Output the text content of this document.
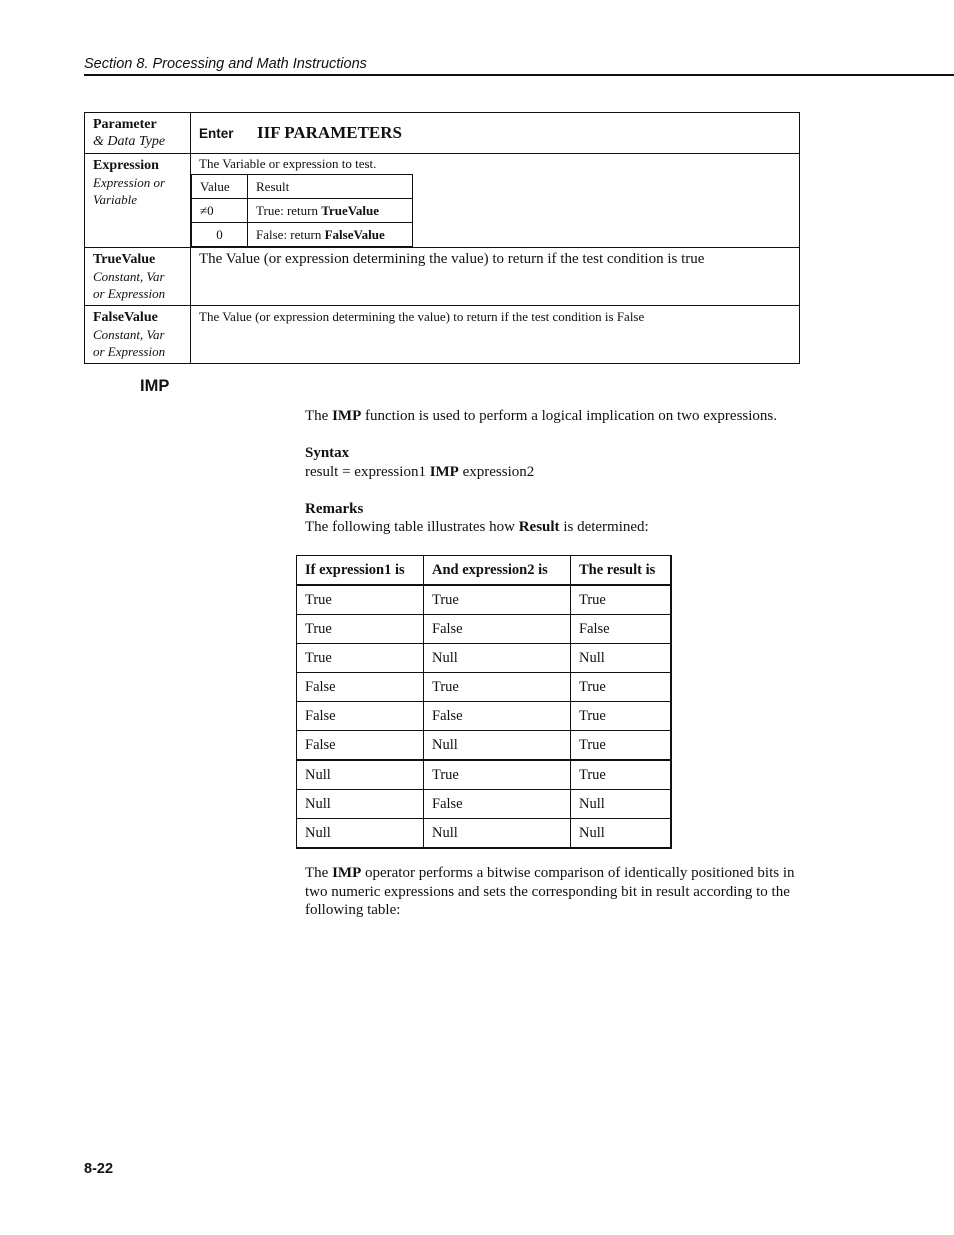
Section 8. Processing and Math Instructions
Parameter
& Data Type
	Enter IIF PARAMETERS

Expression
Expression or
Variable

The Variable or expression to test.
Value	Result
≠0	True: return TrueValue
0	False: return FalseValue

TrueValue
Constant, Var
or Expression

The Value (or expression determining the value) to return if the test condition is true

FalseValue
Constant, Var
or Expression

The Value (or expression determining the value) to return if the test condition is False
IMP
The IMP function is used to perform a logical implication on two expressions.
Syntax
result = expression1 IMP expression2
Remarks
The following table illustrates how Result is determined:
If expression1 is	And expression2 is	The result is
True	True	True
True	False	False
True	Null	Null
False	True	True
False	False	True
False	Null	True
Null	True	True
Null	False	Null
Null	Null	Null
The IMP operator performs a bitwise comparison of identically positioned bits in two numeric expressions and sets the corresponding bit in result according to the following table:
8-22
